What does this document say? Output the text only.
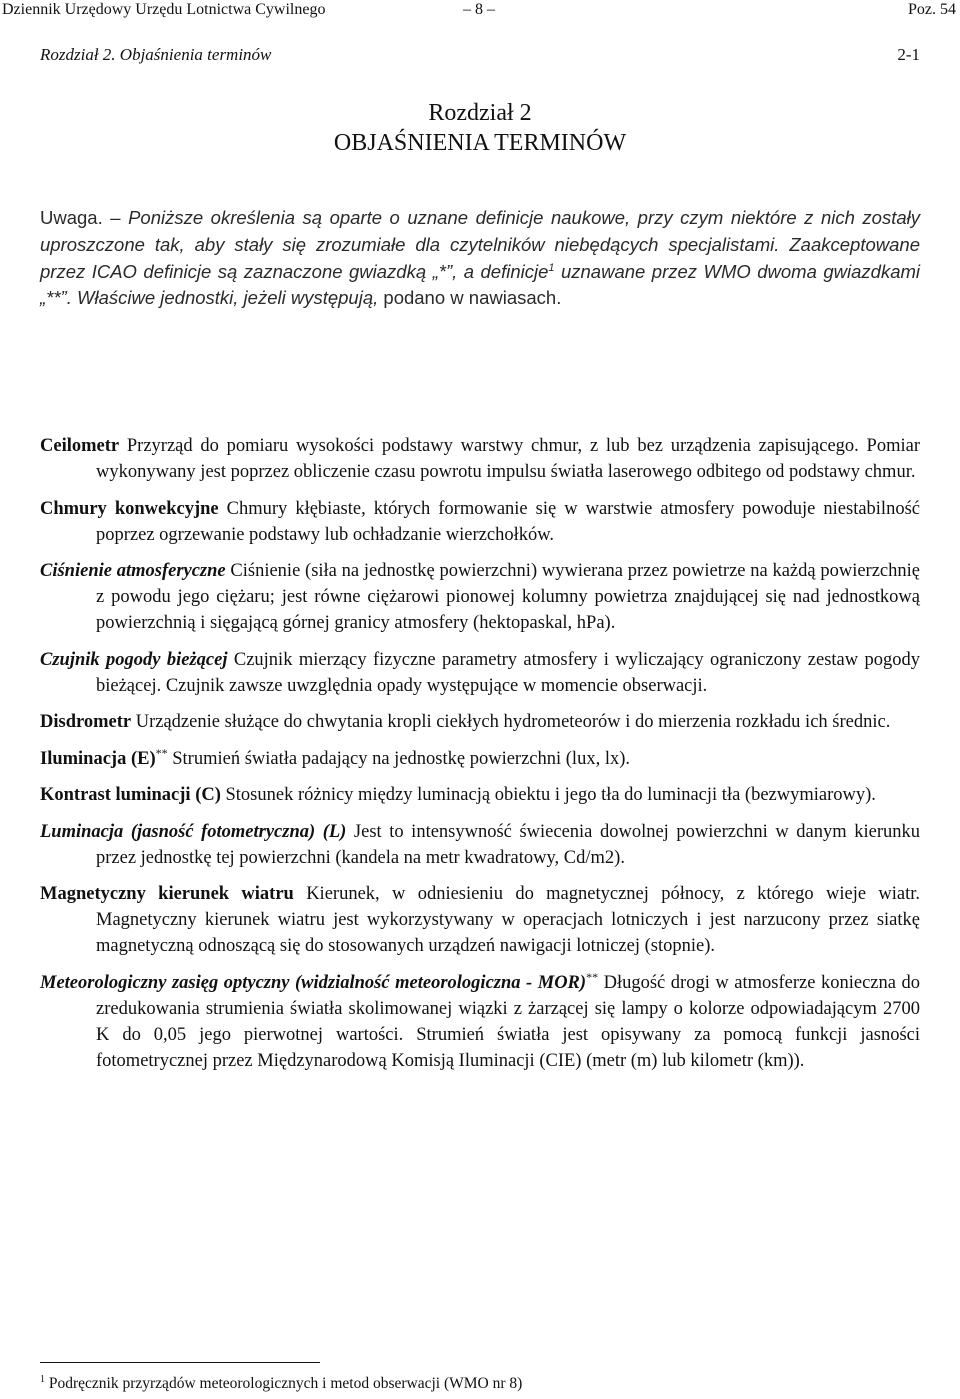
Dziennik Urzędowy Urzędu Lotnictwa Cywilnego	– 8 –	Poz. 54
Rozdział 2. Objaśnienia terminów	2-1
Rozdział 2
OBJAŚNIENIA TERMINÓW
Uwaga. – Poniższe określenia są oparte o uznane definicje naukowe, przy czym niektóre z nich zostały uproszczone tak, aby stały się zrozumiałe dla czytelników niebędących specjalistami. Zaakceptowane przez ICAO definicje są zaznaczone gwiazdką „*”, a definicje$^1$ uznawane przez WMO dwoma gwiazdkami „**”. Właściwe jednostki, jeżeli występują, podano w nawiasach.

Ceilometr Przyrząd do pomiaru wysokości podstawy warstwy chmur, z lub bez urządzenia zapisującego. Pomiar wykonywany jest poprzez obliczenie czasu powrotu impulsu światła laserowego odbitego od podstawy chmur.

Chmury konwekcyjne Chmury kłębiaste, których formowanie się w warstwie atmosfery powoduje niestabilność poprzez ogrzewanie podstawy lub ochładzanie wierzchołków.

Ciśnienie atmosferyczne Ciśnienie (siła na jednostkę powierzchni) wywierana przez powietrze na każdą powierzchnię z powodu jego ciężaru; jest równe ciężarowi pionowej kolumny powietrza znajdującej się nad jednostkową powierzchnią i sięgającą górnej granicy atmosfery (hektopaskal, hPa).

Czujnik pogody bieżącej Czujnik mierzący fizyczne parametry atmosfery i wyliczający ograniczony zestaw pogody bieżącej. Czujnik zawsze uwzględnia opady występujące w momencie obserwacji.

Disdrometr Urządzenie służące do chwytania kropli ciekłych hydrometeorów i do mierzenia rozkładu ich średnic.

Iluminacja (E)** Strumień światła padający na jednostkę powierzchni (lux, lx).

Kontrast luminacji (C) Stosunek różnicy między luminacją obiektu i jego tła do luminacji tła (bezwymiarowy).

Luminacja (jasność fotometryczna) (L) Jest to intensywność świecenia dowolnej powierzchni w danym kierunku przez jednostkę tej powierzchni (kandela na metr kwadratowy, Cd/m2).

Magnetyczny kierunek wiatru Kierunek, w odniesieniu do magnetycznej północy, z którego wieje wiatr. Magnetyczny kierunek wiatru jest wykorzystywany w operacjach lotniczych i jest narzucony przez siatkę magnetyczną odnoszącą się do stosowanych urządzeń nawigacji lotniczej (stopnie).

Meteorologiczny zasięg optyczny (widzialność meteorologiczna - MOR)** Długość drogi w atmosferze konieczna do zredukowania strumienia światła skolimowanej wiązki z żarzącej się lampy o kolorze odpowiadającym 2700 K do 0,05 jego pierwotnej wartości. Strumień światła jest opisywany za pomocą funkcji jasności fotometrycznej przez Międzynarodową Komisją Iluminacji (CIE) (metr (m) lub kilometr (km)).

$^1$ Podręcznik przyrządów meteorologicznych i metod obserwacji (WMO nr 8)
